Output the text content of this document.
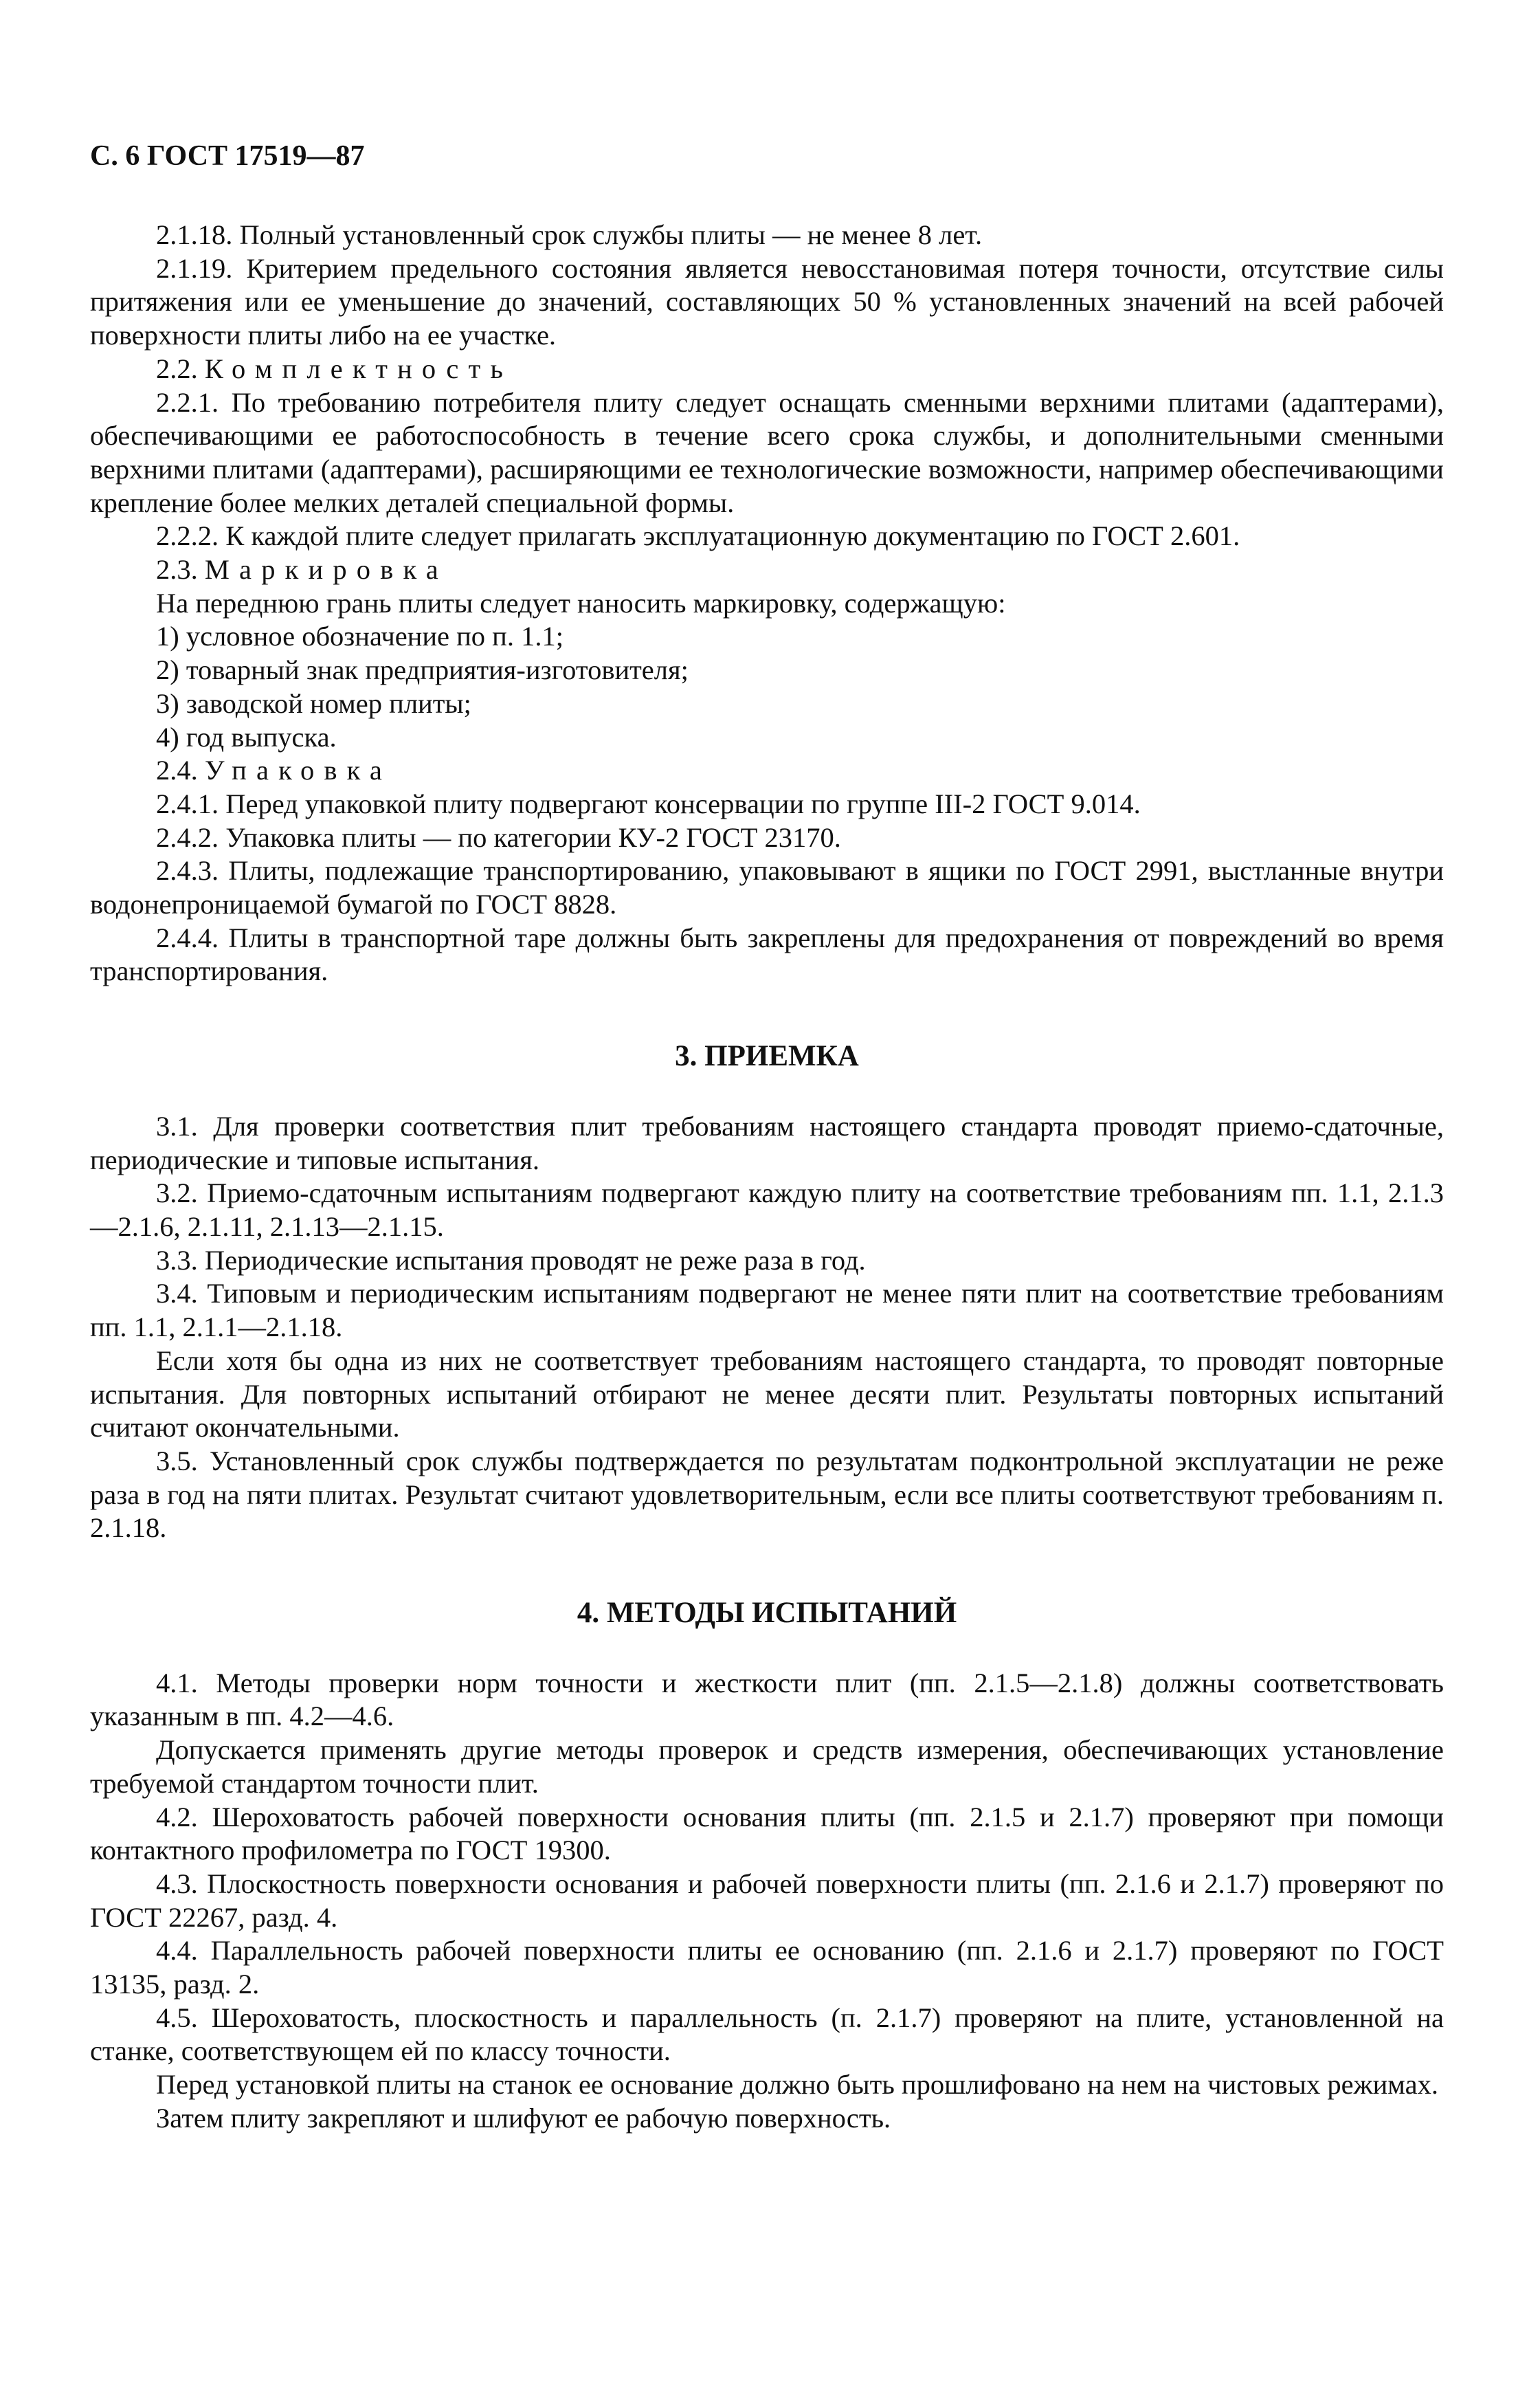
С. 6 ГОСТ 17519—87

2.1.18. Полный установленный срок службы плиты — не менее 8 лет.

2.1.19. Критерием предельного состояния является невосстановимая потеря точности, отсутствие силы притяжения или ее уменьшение до значений, составляющих 50 % установленных значений на всей рабочей поверхности плиты либо на ее участке.

2.2. Комплектность

2.2.1. По требованию потребителя плиту следует оснащать сменными верхними плитами (адаптерами), обеспечивающими ее работоспособность в течение всего срока службы, и дополнительными сменными верхними плитами (адаптерами), расширяющими ее технологические возможности, например обеспечивающими крепление более мелких деталей специальной формы.

2.2.2. К каждой плите следует прилагать эксплуатационную документацию по ГОСТ 2.601.

2.3. Маркировка

На переднюю грань плиты следует наносить маркировку, содержащую:

1) условное обозначение по п. 1.1;

2) товарный знак предприятия-изготовителя;

3) заводской номер плиты;

4) год выпуска.

2.4. Упаковка

2.4.1. Перед упаковкой плиту подвергают консервации по группе III-2 ГОСТ 9.014.

2.4.2. Упаковка плиты — по категории КУ-2 ГОСТ 23170.

2.4.3. Плиты, подлежащие транспортированию, упаковывают в ящики по ГОСТ 2991, выстланные внутри водонепроницаемой бумагой по ГОСТ 8828.

2.4.4. Плиты в транспортной таре должны быть закреплены для предохранения от повреждений во время транспортирования.

3. ПРИЕМКА

3.1. Для проверки соответствия плит требованиям настоящего стандарта проводят приемо-сдаточные, периодические и типовые испытания.

3.2. Приемо-сдаточным испытаниям подвергают каждую плиту на соответствие требованиям пп. 1.1, 2.1.3—2.1.6, 2.1.11, 2.1.13—2.1.15.

3.3. Периодические испытания проводят не реже раза в год.

3.4. Типовым и периодическим испытаниям подвергают не менее пяти плит на соответствие требованиям пп. 1.1, 2.1.1—2.1.18.

Если хотя бы одна из них не соответствует требованиям настоящего стандарта, то проводят повторные испытания. Для повторных испытаний отбирают не менее десяти плит. Результаты повторных испытаний считают окончательными.

3.5. Установленный срок службы подтверждается по результатам подконтрольной эксплуатации не реже раза в год на пяти плитах. Результат считают удовлетворительным, если все плиты соответствуют требованиям п. 2.1.18.

4. МЕТОДЫ ИСПЫТАНИЙ

4.1. Методы проверки норм точности и жесткости плит (пп. 2.1.5—2.1.8) должны соответствовать указанным в пп. 4.2—4.6.

Допускается применять другие методы проверок и средств измерения, обеспечивающих установление требуемой стандартом точности плит.

4.2. Шероховатость рабочей поверхности основания плиты (пп. 2.1.5 и 2.1.7) проверяют при помощи контактного профилометра по ГОСТ 19300.

4.3. Плоскостность поверхности основания и рабочей поверхности плиты (пп. 2.1.6 и 2.1.7) проверяют по ГОСТ 22267, разд. 4.

4.4. Параллельность рабочей поверхности плиты ее основанию (пп. 2.1.6 и 2.1.7) проверяют по ГОСТ 13135, разд. 2.

4.5. Шероховатость, плоскостность и параллельность (п. 2.1.7) проверяют на плите, установленной на станке, соответствующем ей по классу точности.

Перед установкой плиты на станок ее основание должно быть прошлифовано на нем на чистовых режимах.

Затем плиту закрепляют и шлифуют ее рабочую поверхность.
